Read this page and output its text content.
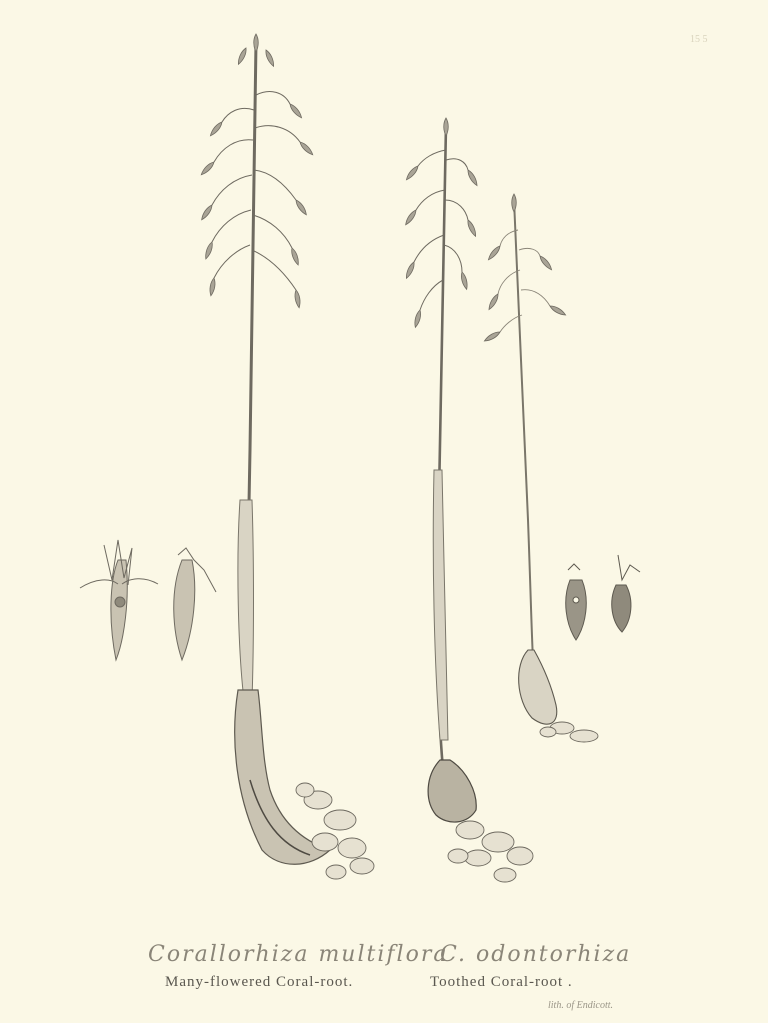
15 5
Corallorhiza multiflora
Many-flowered Coral-root.
C. odontorhiza
Toothed Coral-root .
lith. of Endicott.
